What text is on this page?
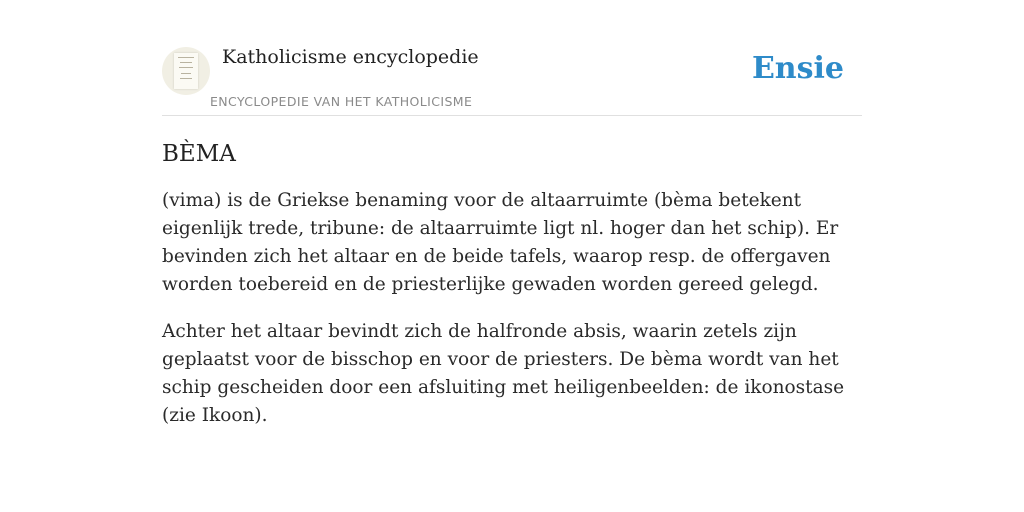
Katholicisme encyclopedie
ENCYCLOPEDIE VAN HET KATHOLICISME
Ensie
BÈMA

(vima) is de Griekse benaming voor de altaarruimte (bèma betekent eigenlijk trede, tribune: de altaarruimte ligt nl. hoger dan het schip). Er bevinden zich het altaar en de beide tafels, waarop resp. de offergaven worden toebereid en de priesterlijke gewaden worden gereed gelegd.

Achter het altaar bevindt zich de halfronde absis, waarin zetels zijn geplaatst voor de bisschop en voor de priesters. De bèma wordt van het schip gescheiden door een afsluiting met heiligenbeelden: de ikonostase (zie Ikoon).
